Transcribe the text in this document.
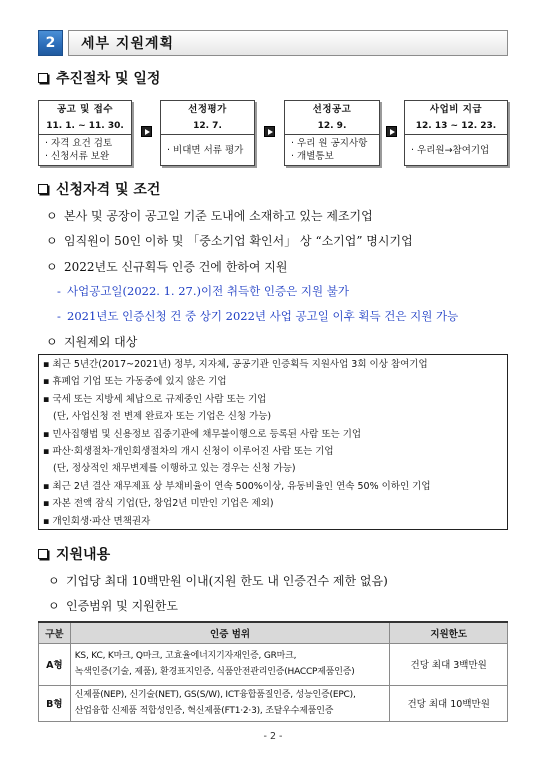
2	세부 지원계획
추진절차 및 일정
공고 및 접수
11. 1. ~ 11. 30.
· 자격 요건 검토
· 신청서류 보완
선정평가
12. 7.
· 비대면 서류 평가
선정공고
12. 9.
· 우리 원 공지사항
· 개별통보
사업비 지급
12. 13 ~ 12. 23.
· 우리원→참여기업
신청자격 및 조건
ㅇ 본사 및 공장이 공고일 기준 도내에 소재하고 있는 제조기업
ㅇ 임직원이 50인 이하 및 「중소기업 확인서」 상 “소기업” 명시기업
ㅇ 2022년도 신규획득 인증 건에 한하여 지원
- 사업공고일(2022. 1. 27.)이전 취득한 인증은 지원 불가
- 2021년도 인증신청 건 중 상기 2022년 사업 공고일 이후 획득 건은 지원 가능
ㅇ 지원제외 대상
▪ 최근 5년간(2017~2021년) 정부, 지자체, 공공기관 인증획득 지원사업 3회 이상 참여기업
▪ 휴폐업 기업 또는 가동중에 있지 않은 기업
▪ 국세 또는 지방세 체납으로 규제중인 사람 또는 기업
(단, 사업신청 전 변제 완료자 또는 기업은 신청 가능)
▪ 민사집행법 및 신용정보 집중기관에 채무불이행으로 등록된 사람 또는 기업
▪ 파산·회생절차·개인회생절차의 개시 신청이 이루어진 사람 또는 기업
(단, 정상적인 채무변제를 이행하고 있는 경우는 신청 가능)
▪ 최근 2년 결산 재무제표 상 부채비율이 연속 500%이상, 유동비율인 연속 50% 이하인 기업
▪ 자본 전액 잠식 기업(단, 창업2년 미만인 기업은 제외)
▪ 개인회생·파산 면책권자
지원내용
ㅇ 기업당 최대 10백만원 이내(지원 한도 내 인증건수 제한 없음)
ㅇ 인증범위 및 지원한도
구분	인증 범위	지원한도
A형	KS, KC, K마크, Q마크, 고효율에너지기자재인증, GR마크,
녹색인증(기술, 제품), 환경표지인증, 식품안전관리인증(HACCP제품인증)	건당 최대 3백만원
B형	신제품(NEP), 신기술(NET), GS(S/W), ICT융합품질인증, 성능인증(EPC),
산업융합 신제품 적합성인증, 혁신제품(FT1·2·3), 조달우수제품인증	건당 최대 10백만원
- 2 -
